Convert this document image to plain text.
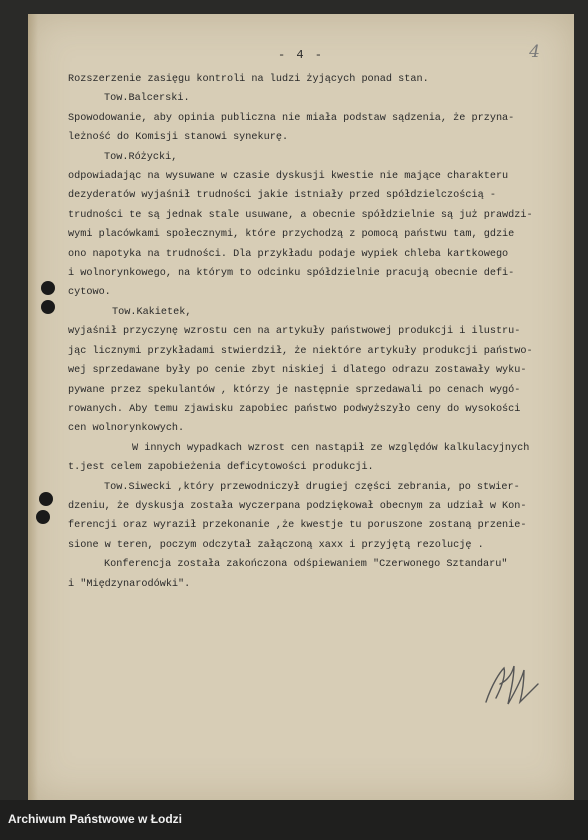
- 4 -	4
Rozszerzenie zasięgu kontroli na ludzi żyjących ponad stan.
Tow.Balcerski.
Spowodowanie, aby opinia publiczna nie miała podstaw sądzenia, że przyna-
leżność do Komisji stanowi synekurę.
Tow.Różycki,
odpowiadając na wysuwane w czasie dyskusji kwestie nie mające charakteru
dezyderatów wyjaśnił trudności jakie istniały przed spółdzielczością -
trudności te są jednak stale usuwane, a obecnie spółdzielnie są już prawdzi-
wymi placówkami społecznymi, które przychodzą z pomocą państwu tam, gdzie
ono napotyka na trudności. Dla przykładu podaje wypiek chleba kartkowego
i wolnorynkowego, na którym to odcinku spółdzielnie pracują obecnie defi-
cytowo.
Tow.Kakietek,
wyjaśnił przyczynę wzrostu cen na artykuły państwowej produkcji i ilustru-
jąc licznymi przykładami stwierdził, że niektóre artykuły produkcji państwo-
wej sprzedawane były po cenie zbyt niskiej i dlatego odrazu zostawały wyku-
pywane przez spekulantów , którzy je następnie sprzedawali po cenach wygó-
rowanych. Aby temu zjawisku zapobiec państwo podwyższyło ceny do wysokości
cen wolnorynkowych.
W innych wypadkach wzrost cen nastąpił ze względów kalkulacyjnych
t.jest celem zapobieżenia deficytowości produkcji.
Tow.Siwecki ,który przewodniczył drugiej części zebrania, po stwier-
dzeniu, że dyskusja została wyczerpana podziękował obecnym za udział w Kon-
ferencji oraz wyraził przekonanie ,że kwestje tu poruszone zostaną przenie-
sione w teren, poczym odczytał załączoną xaxx i przyjętą rezolucję .
Konferencja została zakończona odśpiewaniem "Czerwonego Sztandaru"
i "Międzynarodówki".
Archiwum Państwowe w Łodzi
